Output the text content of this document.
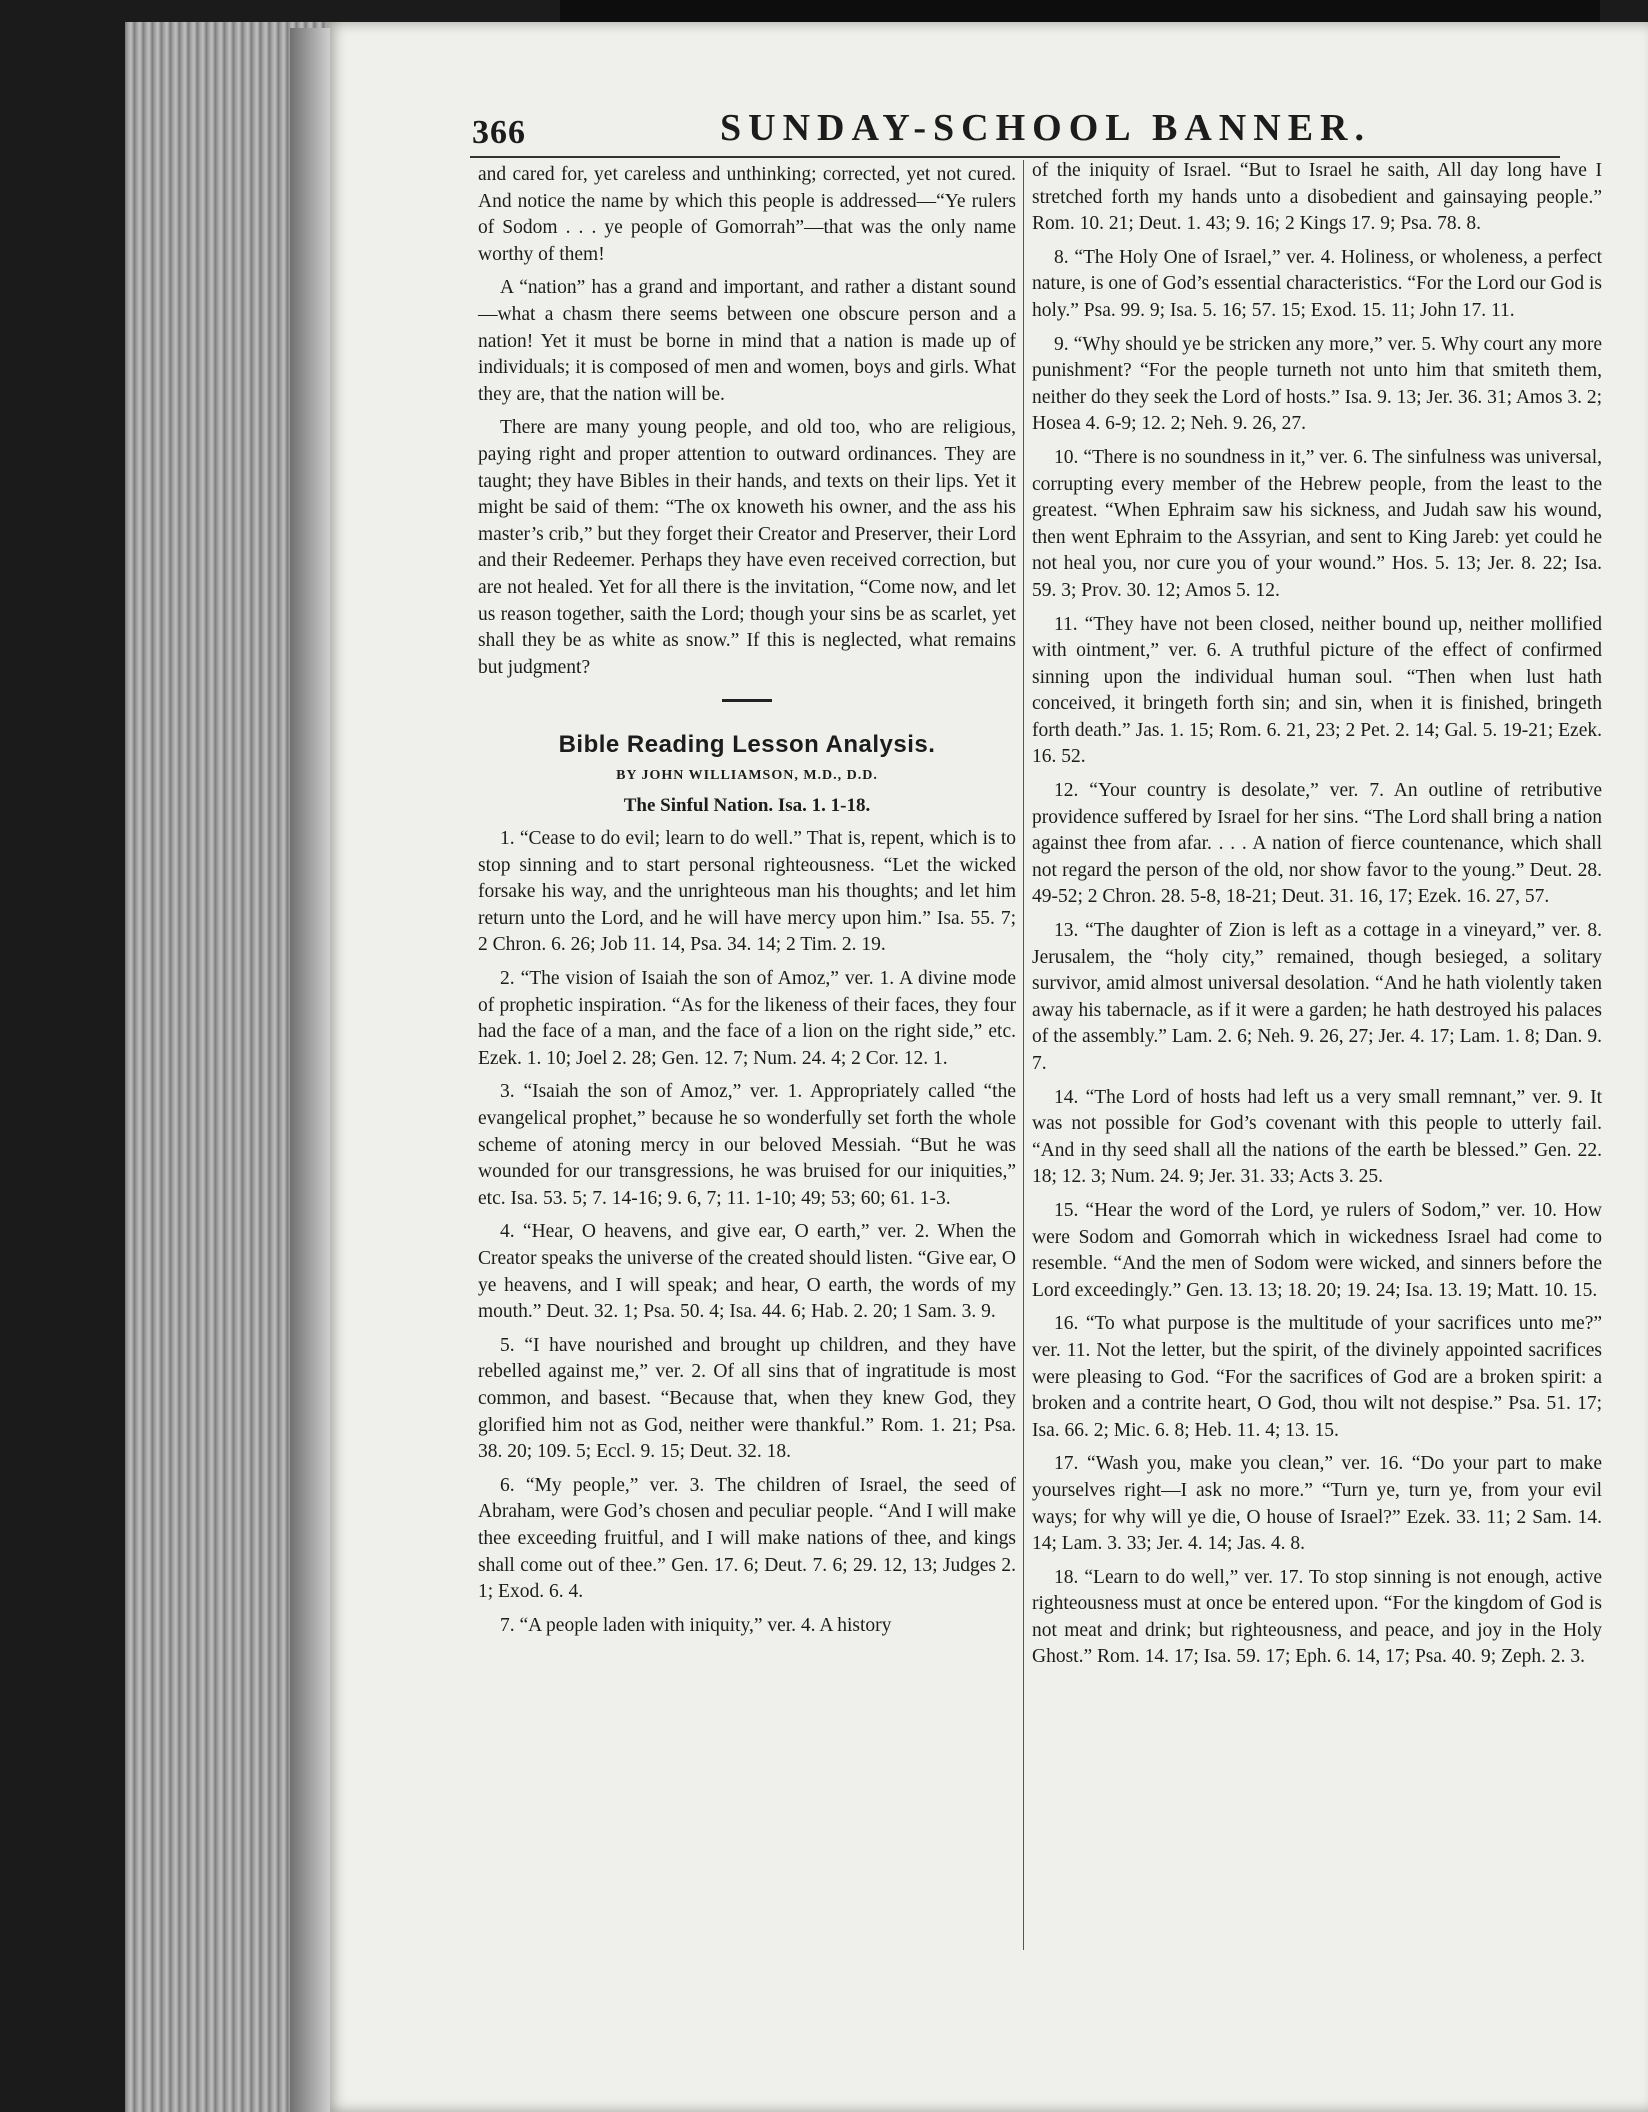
366	SUNDAY-SCHOOL BANNER.

and cared for, yet careless and unthinking; corrected, yet not cured. And notice the name by which this people is addressed—“Ye rulers of Sodom . . . ye people of Gomorrah”—that was the only name worthy of them!

A “nation” has a grand and important, and rather a distant sound—what a chasm there seems between one obscure person and a nation! Yet it must be borne in mind that a nation is made up of individuals; it is composed of men and women, boys and girls. What they are, that the nation will be.

There are many young people, and old too, who are religious, paying right and proper attention to outward ordinances. They are taught; they have Bibles in their hands, and texts on their lips. Yet it might be said of them: “The ox knoweth his owner, and the ass his master’s crib,” but they forget their Creator and Preserver, their Lord and their Redeemer. Perhaps they have even received correction, but are not healed. Yet for all there is the invitation, “Come now, and let us reason together, saith the Lord; though your sins be as scarlet, yet shall they be as white as snow.” If this is neglected, what remains but judgment?

Bible Reading Lesson Analysis.
BY JOHN WILLIAMSON, M.D., D.D.
The Sinful Nation. Isa. 1. 1-18.

1. “Cease to do evil; learn to do well.” That is, repent, which is to stop sinning and to start personal righteousness. “Let the wicked forsake his way, and the unrighteous man his thoughts; and let him return unto the Lord, and he will have mercy upon him.” Isa. 55. 7; 2 Chron. 6. 26; Job 11. 14, Psa. 34. 14; 2 Tim. 2. 19.

2. “The vision of Isaiah the son of Amoz,” ver. 1. A divine mode of prophetic inspiration. “As for the likeness of their faces, they four had the face of a man, and the face of a lion on the right side,” etc. Ezek. 1. 10; Joel 2. 28; Gen. 12. 7; Num. 24. 4; 2 Cor. 12. 1.

3. “Isaiah the son of Amoz,” ver. 1. Appropriately called “the evangelical prophet,” because he so wonderfully set forth the whole scheme of atoning mercy in our beloved Messiah. “But he was wounded for our transgressions, he was bruised for our iniquities,” etc. Isa. 53. 5; 7. 14-16; 9. 6, 7; 11. 1-10; 49; 53; 60; 61. 1-3.

4. “Hear, O heavens, and give ear, O earth,” ver. 2. When the Creator speaks the universe of the created should listen. “Give ear, O ye heavens, and I will speak; and hear, O earth, the words of my mouth.” Deut. 32. 1; Psa. 50. 4; Isa. 44. 6; Hab. 2. 20; 1 Sam. 3. 9.

5. “I have nourished and brought up children, and they have rebelled against me,” ver. 2. Of all sins that of ingratitude is most common, and basest. “Because that, when they knew God, they glorified him not as God, neither were thankful.” Rom. 1. 21; Psa. 38. 20; 109. 5; Eccl. 9. 15; Deut. 32. 18.

6. “My people,” ver. 3. The children of Israel, the seed of Abraham, were God’s chosen and peculiar people. “And I will make thee exceeding fruitful, and I will make nations of thee, and kings shall come out of thee.” Gen. 17. 6; Deut. 7. 6; 29. 12, 13; Judges 2. 1; Exod. 6. 4.

7. “A people laden with iniquity,” ver. 4. A history

of the iniquity of Israel. “But to Israel he saith, All day long have I stretched forth my hands unto a disobedient and gainsaying people.” Rom. 10. 21; Deut. 1. 43; 9. 16; 2 Kings 17. 9; Psa. 78. 8.

8. “The Holy One of Israel,” ver. 4. Holiness, or wholeness, a perfect nature, is one of God’s essential characteristics. “For the Lord our God is holy.” Psa. 99. 9; Isa. 5. 16; 57. 15; Exod. 15. 11; John 17. 11.

9. “Why should ye be stricken any more,” ver. 5. Why court any more punishment? “For the people turneth not unto him that smiteth them, neither do they seek the Lord of hosts.” Isa. 9. 13; Jer. 36. 31; Amos 3. 2; Hosea 4. 6-9; 12. 2; Neh. 9. 26, 27.

10. “There is no soundness in it,” ver. 6. The sinfulness was universal, corrupting every member of the Hebrew people, from the least to the greatest. “When Ephraim saw his sickness, and Judah saw his wound, then went Ephraim to the Assyrian, and sent to King Jareb: yet could he not heal you, nor cure you of your wound.” Hos. 5. 13; Jer. 8. 22; Isa. 59. 3; Prov. 30. 12; Amos 5. 12.

11. “They have not been closed, neither bound up, neither mollified with ointment,” ver. 6. A truthful picture of the effect of confirmed sinning upon the individual human soul. “Then when lust hath conceived, it bringeth forth sin; and sin, when it is finished, bringeth forth death.” Jas. 1. 15; Rom. 6. 21, 23; 2 Pet. 2. 14; Gal. 5. 19-21; Ezek. 16. 52.

12. “Your country is desolate,” ver. 7. An outline of retributive providence suffered by Israel for her sins. “The Lord shall bring a nation against thee from afar. . . . A nation of fierce countenance, which shall not regard the person of the old, nor show favor to the young.” Deut. 28. 49-52; 2 Chron. 28. 5-8, 18-21; Deut. 31. 16, 17; Ezek. 16. 27, 57.

13. “The daughter of Zion is left as a cottage in a vineyard,” ver. 8. Jerusalem, the “holy city,” remained, though besieged, a solitary survivor, amid almost universal desolation. “And he hath violently taken away his tabernacle, as if it were a garden; he hath destroyed his palaces of the assembly.” Lam. 2. 6; Neh. 9. 26, 27; Jer. 4. 17; Lam. 1. 8; Dan. 9. 7.

14. “The Lord of hosts had left us a very small remnant,” ver. 9. It was not possible for God’s covenant with this people to utterly fail. “And in thy seed shall all the nations of the earth be blessed.” Gen. 22. 18; 12. 3; Num. 24. 9; Jer. 31. 33; Acts 3. 25.

15. “Hear the word of the Lord, ye rulers of Sodom,” ver. 10. How were Sodom and Gomorrah which in wickedness Israel had come to resemble. “And the men of Sodom were wicked, and sinners before the Lord exceedingly.” Gen. 13. 13; 18. 20; 19. 24; Isa. 13. 19; Matt. 10. 15.

16. “To what purpose is the multitude of your sacrifices unto me?” ver. 11. Not the letter, but the spirit, of the divinely appointed sacrifices were pleasing to God. “For the sacrifices of God are a broken spirit: a broken and a contrite heart, O God, thou wilt not despise.” Psa. 51. 17; Isa. 66. 2; Mic. 6. 8; Heb. 11. 4; 13. 15.

17. “Wash you, make you clean,” ver. 16. “Do your part to make yourselves right—I ask no more.” “Turn ye, turn ye, from your evil ways; for why will ye die, O house of Israel?” Ezek. 33. 11; 2 Sam. 14. 14; Lam. 3. 33; Jer. 4. 14; Jas. 4. 8.

18. “Learn to do well,” ver. 17. To stop sinning is not enough, active righteousness must at once be entered upon. “For the kingdom of God is not meat and drink; but righteousness, and peace, and joy in the Holy Ghost.” Rom. 14. 17; Isa. 59. 17; Eph. 6. 14, 17; Psa. 40. 9; Zeph. 2. 3.
